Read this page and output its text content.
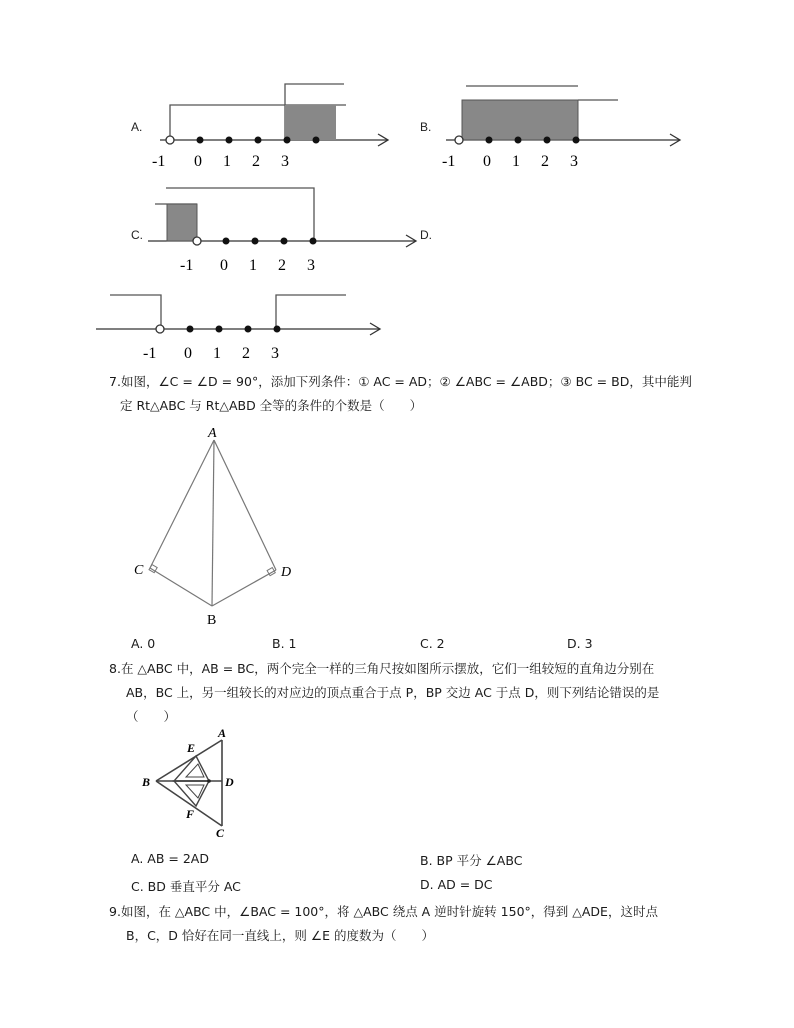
A.	B.
C.	D.
-1 0 1 2 3	-1 0 1 2 3
-1 0 1 2 3
-1 0 1 2 3
A
B
C	D
A
B
C
D
E
F
7.如图，∠C = ∠D = 90°，添加下列条件：① AC = AD；② ∠ABC = ∠ABD；③ BC = BD，其中能判
定 Rt△ABC 与 Rt△ABD 全等的条件的个数是（　　）
A. 0	B. 1	C. 2	D. 3
8.在 △ABC 中，AB = BC，两个完全一样的三角尺按如图所示摆放，它们一组较短的直角边分别在
AB，BC 上，另一组较长的对应边的顶点重合于点 P，BP 交边 AC 于点 D，则下列结论错误的是
（　　）
A. AB = 2AD	B. BP 平分 ∠ABC
C. BD 垂直平分 AC	D. AD = DC
9.如图，在 △ABC 中，∠BAC = 100°，将 △ABC 绕点 A 逆时针旋转 150°，得到 △ADE，这时点
B，C，D 恰好在同一直线上，则 ∠E 的度数为（　　）
